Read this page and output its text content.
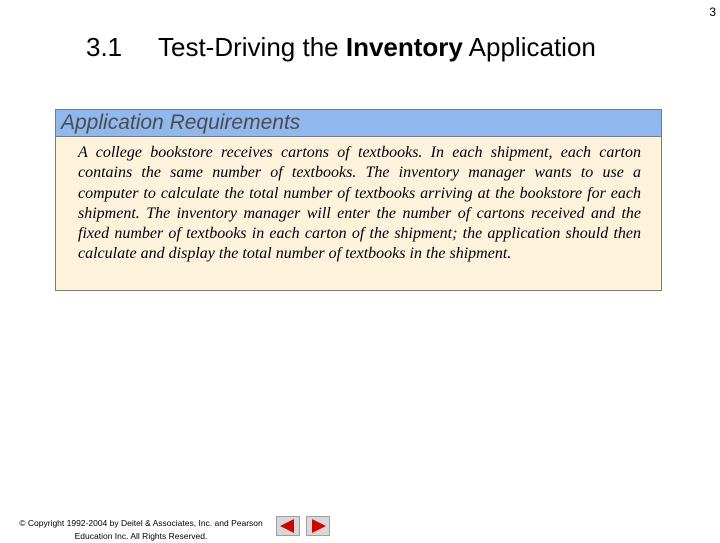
3
3.1 Test-Driving the Inventory Application
Application Requirements
A college bookstore receives cartons of textbooks. In each shipment, each carton contains the same number of textbooks. The inventory manager wants to use a computer to calculate the total number of textbooks arriving at the bookstore for each shipment. The inventory manager will enter the number of cartons received and the fixed number of textbooks in each carton of the shipment; the application should then calculate and display the total number of textbooks in the shipment.
© Copyright 1992-2004 by Deitel & Associates, Inc. and Pearson
Education Inc. All Rights Reserved.
